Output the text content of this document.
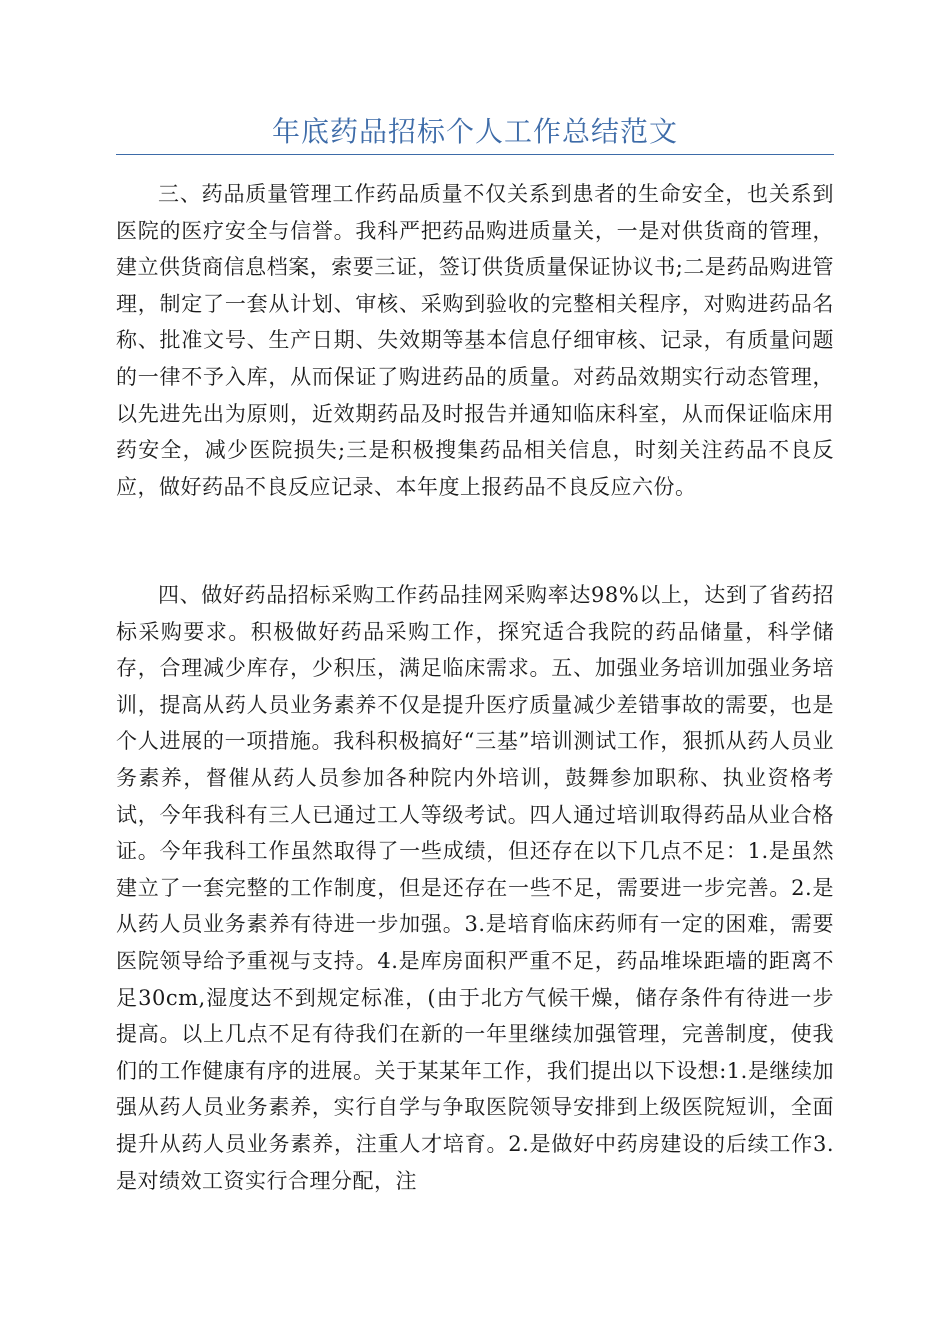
年底药品招标个人工作总结范文

三、药品质量管理工作药品质量不仅关系到患者的生命安全，也关系到医院的医疗安全与信誉。我科严把药品购进质量关，一是对供货商的管理，建立供货商信息档案，索要三证，签订供货质量保证协议书;二是药品购进管理，制定了一套从计划、审核、采购到验收的完整相关程序，对购进药品名称、批准文号、生产日期、失效期等基本信息仔细审核、记录，有质量问题的一律不予入库，从而保证了购进药品的质量。对药品效期实行动态管理，以先进先出为原则，近效期药品及时报告并通知临床科室，从而保证临床用药安全，减少医院损失;三是积极搜集药品相关信息，时刻关注药品不良反应，做好药品不良反应记录、本年度上报药品不良反应六份。

四、做好药品招标采购工作药品挂网采购率达98%以上，达到了省药招标采购要求。积极做好药品采购工作，探究适合我院的药品储量，科学储存，合理减少库存，少积压，满足临床需求。五、加强业务培训加强业务培训，提高从药人员业务素养不仅是提升医疗质量减少差错事故的需要，也是个人进展的一项措施。我科积极搞好“三基”培训测试工作，狠抓从药人员业务素养，督催从药人员参加各种院内外培训，鼓舞参加职称、执业资格考试，今年我科有三人已通过工人等级考试。四人通过培训取得药品从业合格证。今年我科工作虽然取得了一些成绩，但还存在以下几点不足：1.是虽然建立了一套完整的工作制度，但是还存在一些不足，需要进一步完善。2.是从药人员业务素养有待进一步加强。3.是培育临床药师有一定的困难，需要医院领导给予重视与支持。4.是库房面积严重不足，药品堆垛距墙的距离不足30cm,湿度达不到规定标准，(由于北方气候干燥，储存条件有待进一步提高。以上几点不足有待我们在新的一年里继续加强管理，完善制度，使我们的工作健康有序的进展。关于某某年工作，我们提出以下设想:1.是继续加强从药人员业务素养，实行自学与争取医院领导安排到上级医院短训，全面提升从药人员业务素养，注重人才培育。2.是做好中药房建设的后续工作3.是对绩效工资实行合理分配，注
